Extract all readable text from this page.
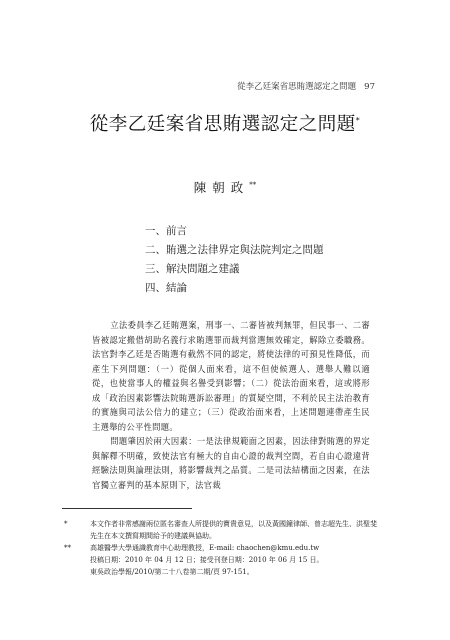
從李乙廷案省思賄選認定之問題 97
從李乙廷案省思賄選認定之問題*
陳朝政**
一、前言
二、賄選之法律界定與法院判定之問題
三、解決問題之建議
四、結論

立法委員李乙廷賄選案，刑事一、二審皆被判無罪，但民事一、二審皆被認定搬借胡助名義行求賄選罪而裁判當選無效確定，解除立委職務。法官對李乙廷是否賄選有截然不同的認定，將使法律的可預見性降低，而產生下列問題：（一）從個人面來看，這不但使候選人、選舉人難以適從，也使當事人的權益與名譽受到影響；（二）從法治面來看，這或將形成「政治因素影響法院賄選訴訟審理」的質疑空間，不利於民主法治教育的實施與司法公信力的建立；（三）從政治面來看，上述問題連帶產生民主選舉的公平性問題。

問題肇因於兩大因素：一是法律規範面之因素，因法律對賄選的界定與解釋不明確，致使法官有極大的自由心證的裁判空間，若自由心證違背經驗法則與論理法則，將影響裁判之品質。二是司法結構面之因素，在法官獨立審判的基本原則下，法官裁

*	本文作者非常感謝兩位匿名審查人所提供的寶貴意見，以及黃國鐘律師、曾志超先生、洪聖斐先生在本文撰寫期間給予的建議與協助。
**	高雄醫學大學通識教育中心助理教授，E-mail: chaochen@kmu.edu.tw
投稿日期：2010 年 04 月 12 日；接受刊登日期：2010 年 06 月 15 日。
東吳政治學報/2010/第二十八卷第二期/頁 97-151。
